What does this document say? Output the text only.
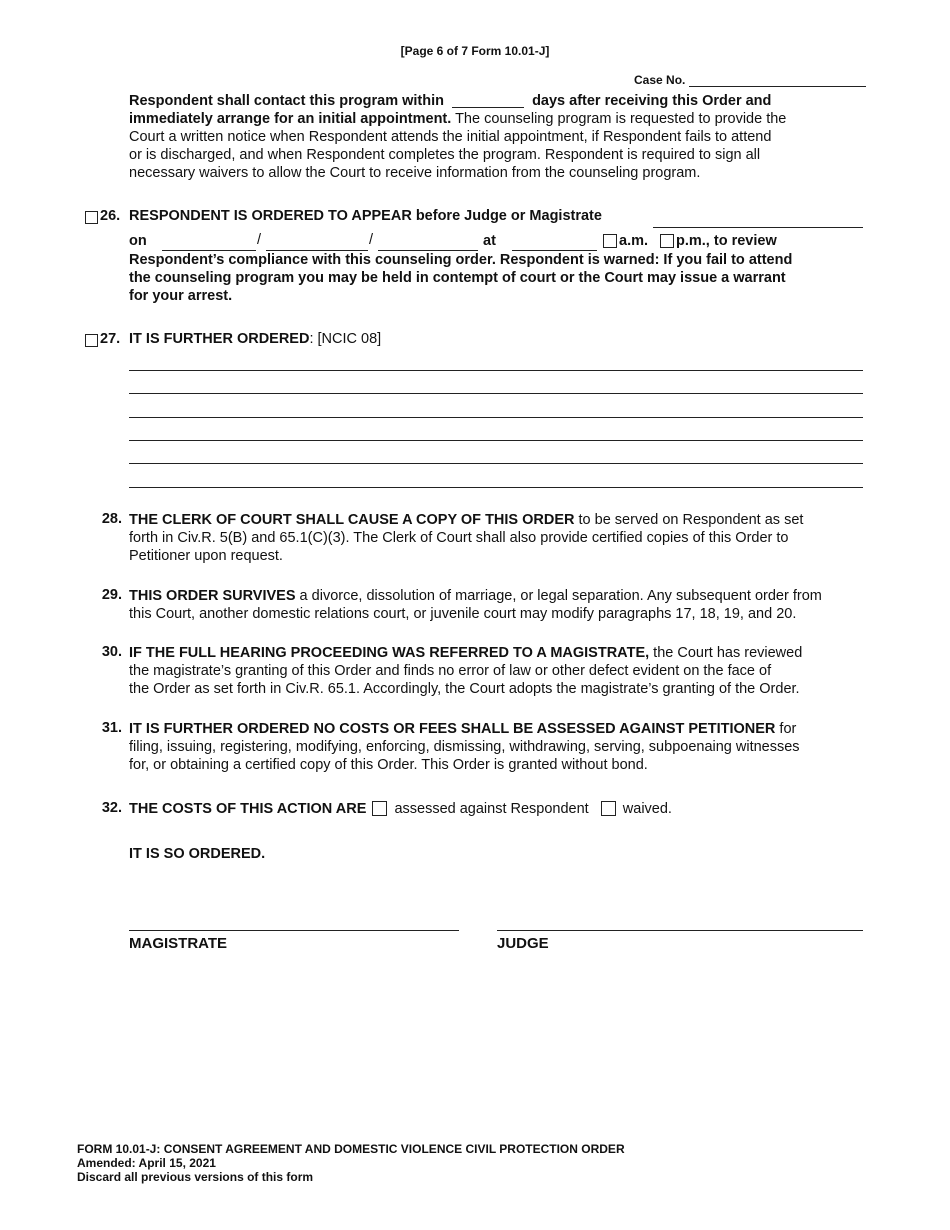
[Page 6 of 7 Form 10.01-J]
Case No.
Respondent shall contact this program within	days after receiving this Order and
immediately arrange for an initial appointment. The counseling program is requested to provide the
Court a written notice when Respondent attends the initial appointment, if Respondent fails to attend
or is discharged, and when Respondent completes the program. Respondent is required to sign all
necessary waivers to allow the Court to receive information from the counseling program.
26. RESPONDENT IS ORDERED TO APPEAR before Judge or Magistrate
on	/	/	at	a.m. p.m., to review
Respondent’s compliance with this counseling order. Respondent is warned: If you fail to attend
the counseling program you may be held in contempt of court or the Court may issue a warrant
for your arrest.
27. IT IS FURTHER ORDERED: [NCIC 08]
28. THE CLERK OF COURT SHALL CAUSE A COPY OF THIS ORDER to be served on Respondent as set
forth in Civ.R. 5(B) and 65.1(C)(3). The Clerk of Court shall also provide certified copies of this Order to
Petitioner upon request.
29. THIS ORDER SURVIVES a divorce, dissolution of marriage, or legal separation. Any subsequent order from
this Court, another domestic relations court, or juvenile court may modify paragraphs 17, 18, 19, and 20.
30. IF THE FULL HEARING PROCEEDING WAS REFERRED TO A MAGISTRATE, the Court has reviewed
the magistrate’s granting of this Order and finds no error of law or other defect evident on the face of
the Order as set forth in Civ.R. 65.1. Accordingly, the Court adopts the magistrate’s granting of the Order.
31. IT IS FURTHER ORDERED NO COSTS OR FEES SHALL BE ASSESSED AGAINST PETITIONER for
filing, issuing, registering, modifying, enforcing, dismissing, withdrawing, serving, subpoenaing witnesses
for, or obtaining a certified copy of this Order. This Order is granted without bond.
32. THE COSTS OF THIS ACTION ARE assessed against Respondent waived.
IT IS SO ORDERED.
MAGISTRATE	JUDGE
FORM 10.01-J: CONSENT AGREEMENT AND DOMESTIC VIOLENCE CIVIL PROTECTION ORDER
Amended: April 15, 2021
Discard all previous versions of this form
